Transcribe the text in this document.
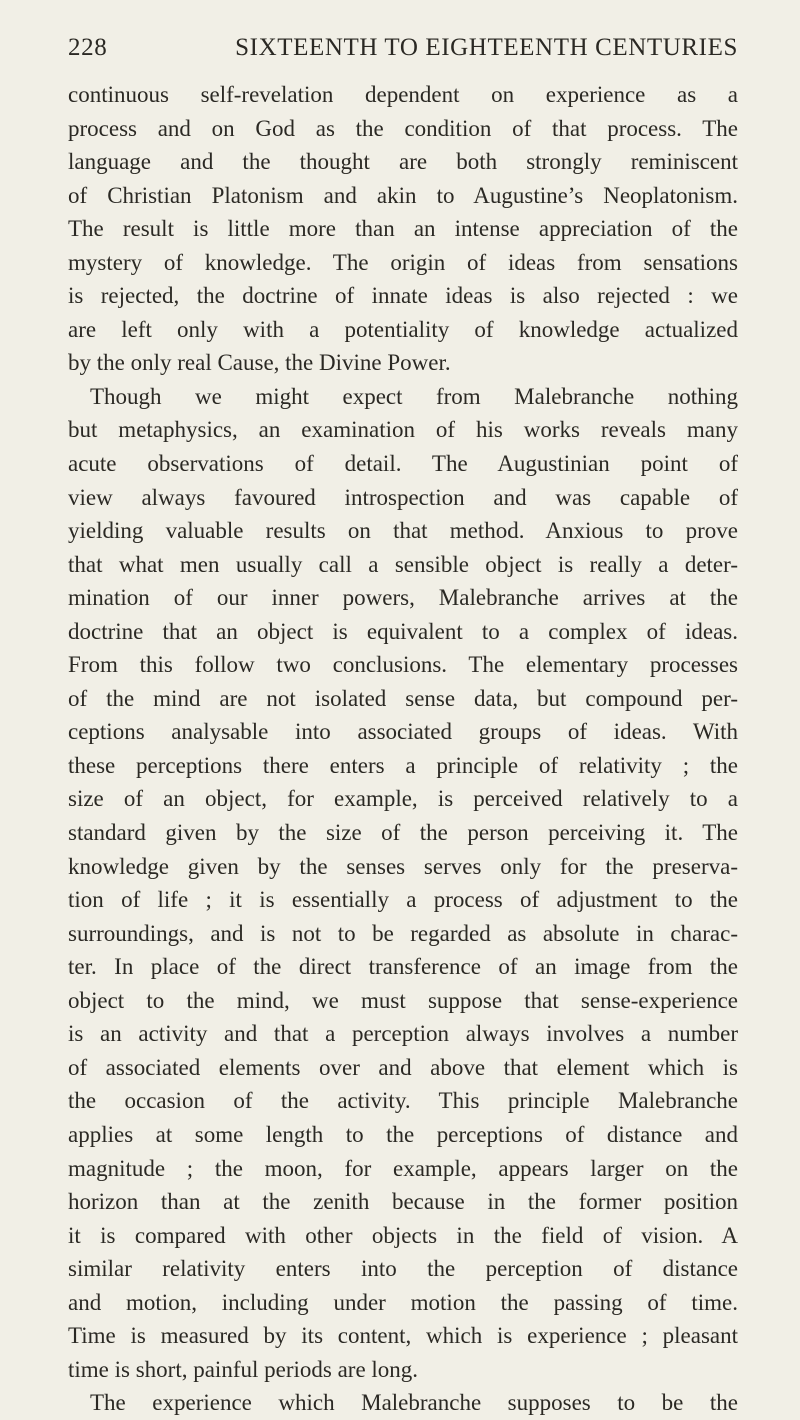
228	SIXTEENTH TO EIGHTEENTH CENTURIES
continuous self-revelation dependent on experience as a
process and on God as the condition of that process. The
language and the thought are both strongly reminiscent
of Christian Platonism and akin to Augustine’s Neoplatonism.
The result is little more than an intense appreciation of the
mystery of knowledge. The origin of ideas from sensations
is rejected, the doctrine of innate ideas is also rejected : we
are left only with a potentiality of knowledge actualized
by the only real Cause, the Divine Power.
Though we might expect from Malebranche nothing
but metaphysics, an examination of his works reveals many
acute observations of detail. The Augustinian point of
view always favoured introspection and was capable of
yielding valuable results on that method. Anxious to prove
that what men usually call a sensible object is really a deter-
mination of our inner powers, Malebranche arrives at the
doctrine that an object is equivalent to a complex of ideas.
From this follow two conclusions. The elementary processes
of the mind are not isolated sense data, but compound per-
ceptions analysable into associated groups of ideas. With
these perceptions there enters a principle of relativity ; the
size of an object, for example, is perceived relatively to a
standard given by the size of the person perceiving it. The
knowledge given by the senses serves only for the preserva-
tion of life ; it is essentially a process of adjustment to the
surroundings, and is not to be regarded as absolute in charac-
ter. In place of the direct transference of an image from the
object to the mind, we must suppose that sense-experience
is an activity and that a perception always involves a number
of associated elements over and above that element which is
the occasion of the activity. This principle Malebranche
applies at some length to the perceptions of distance and
magnitude ; the moon, for example, appears larger on the
horizon than at the zenith because in the former position
it is compared with other objects in the field of vision. A
similar relativity enters into the perception of distance
and motion, including under motion the passing of time.
Time is measured by its content, which is experience ; pleasant
time is short, painful periods are long.
The experience which Malebranche supposes to be the
